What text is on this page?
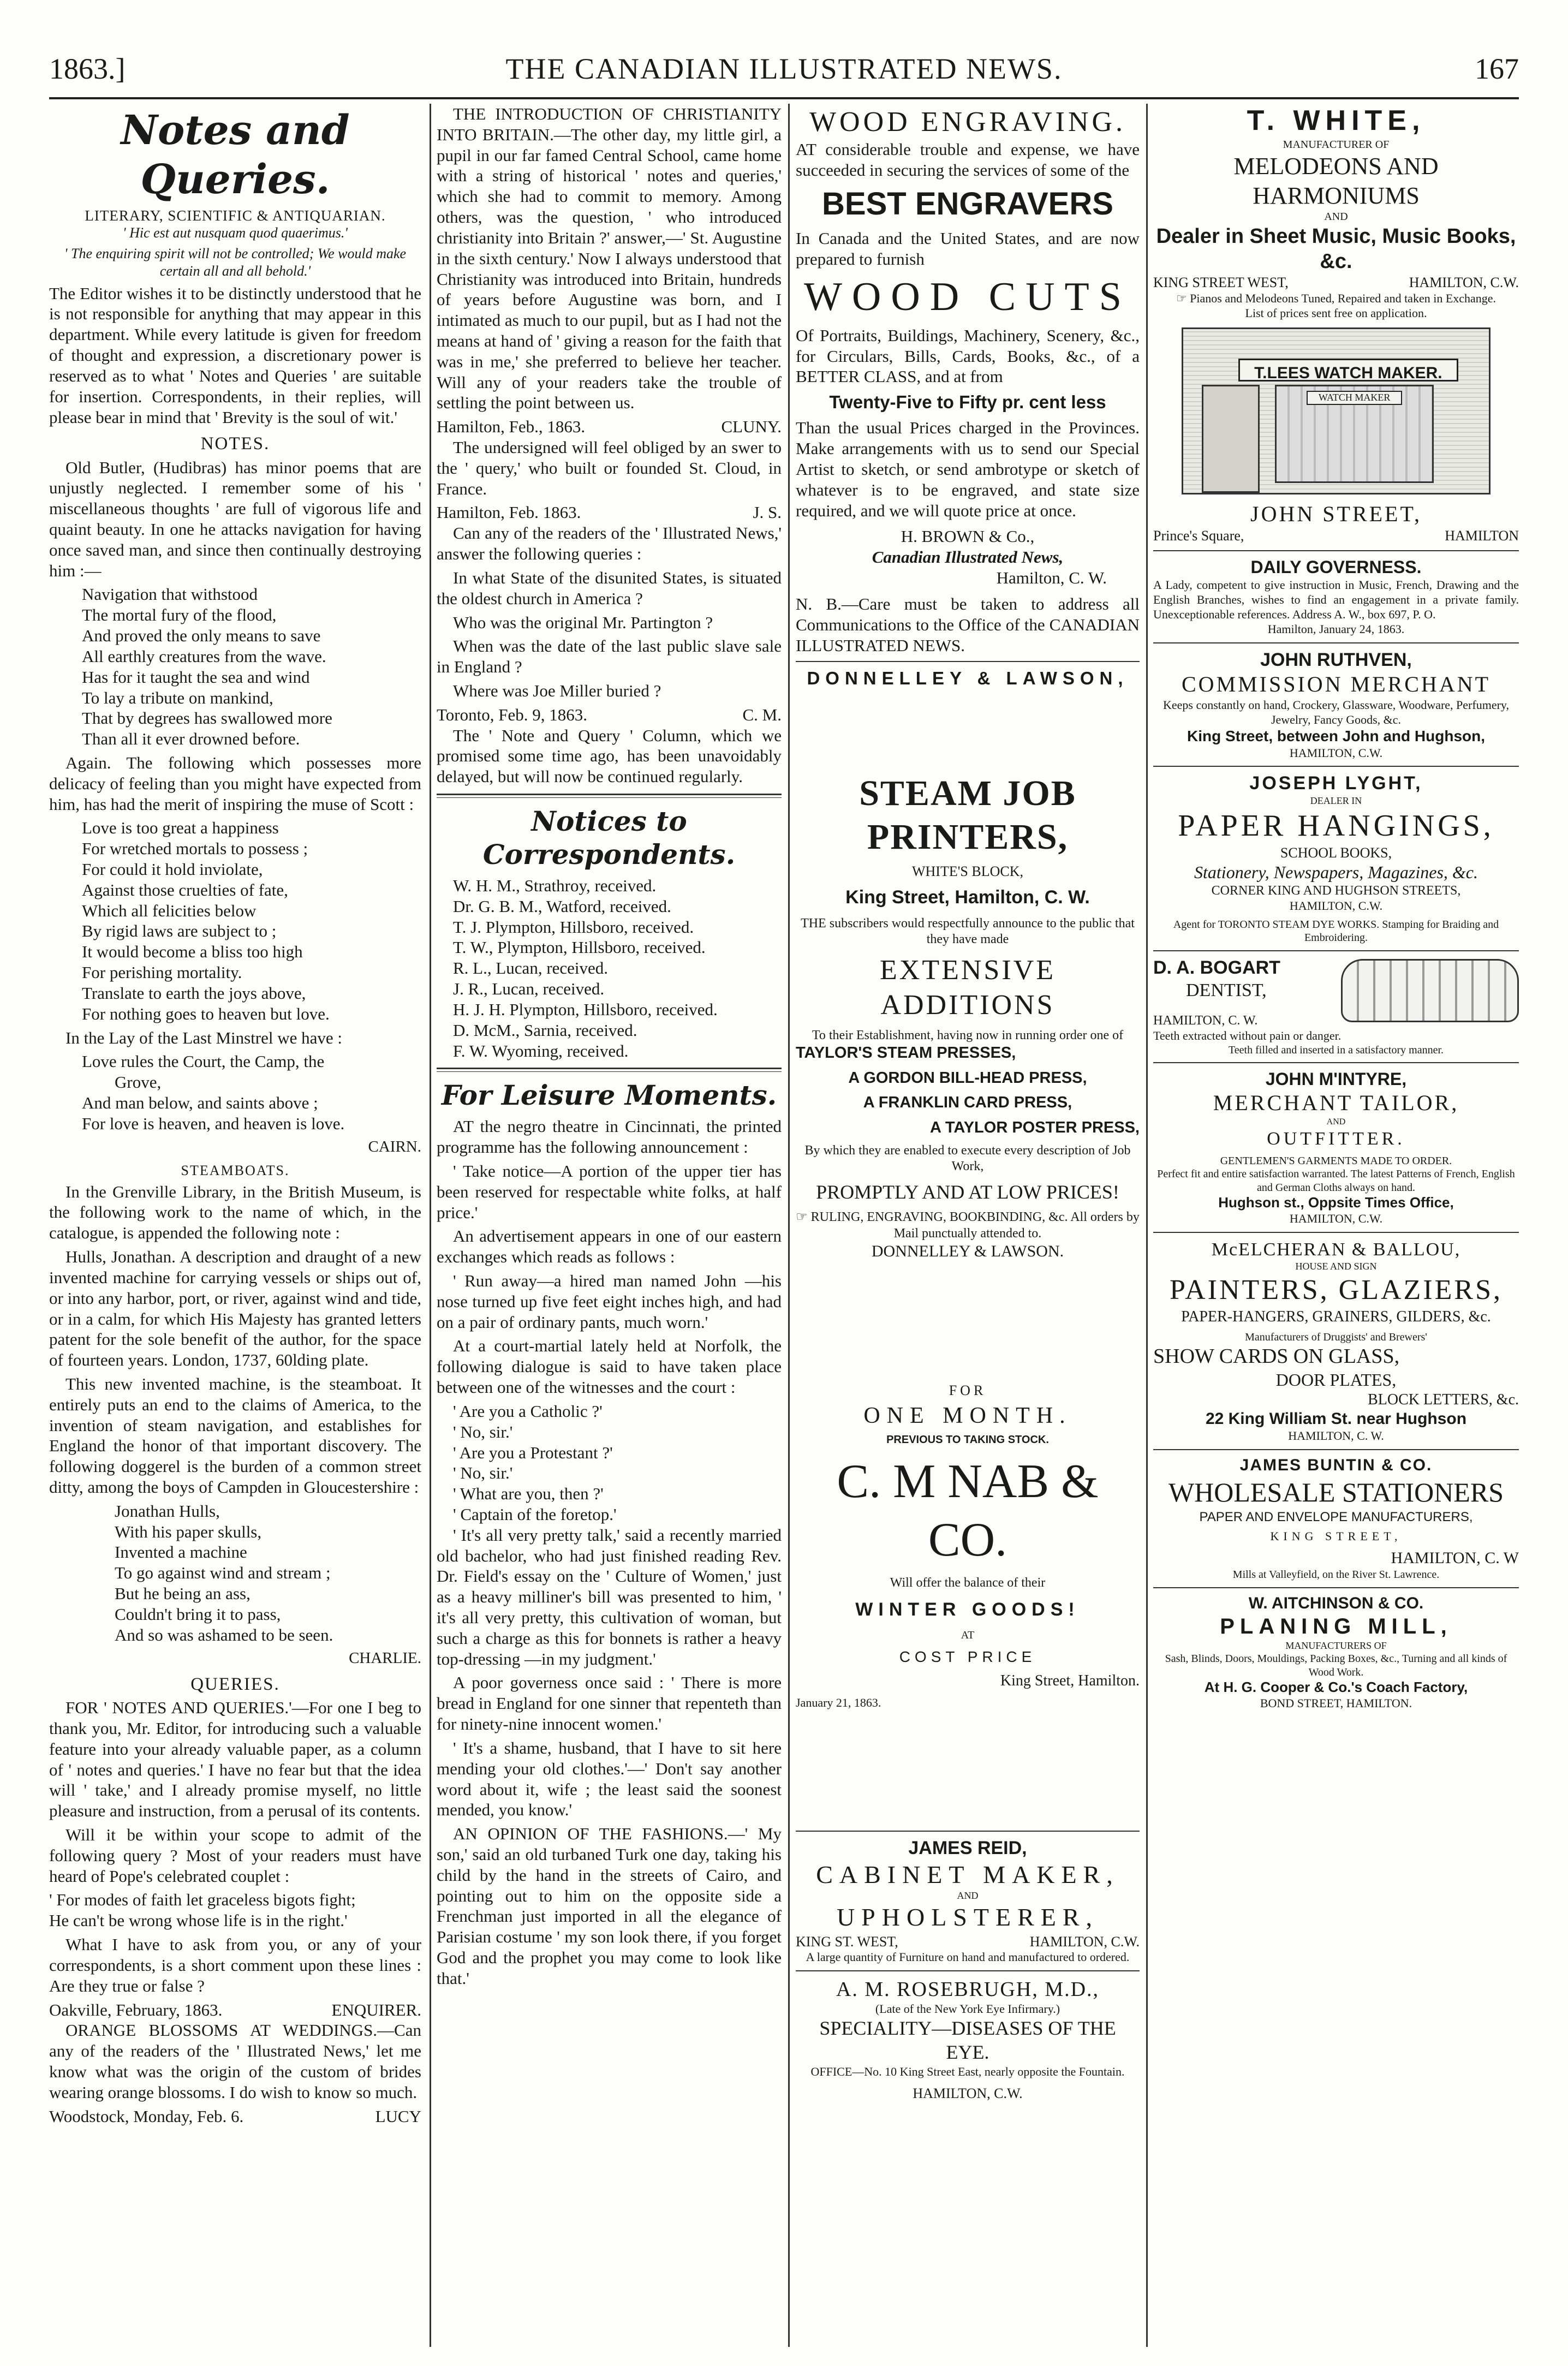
1863.]	THE CANADIAN ILLUSTRATED NEWS.	167
Notes and Queries.
LITERARY, SCIENTIFIC & ANTIQUARIAN.

' Hic est aut nusquam quod quaerimus.'

' The enquiring spirit will not be controlled; We would make certain all and all behold.'

The Editor wishes it to be distinctly understood that he is not responsible for anything that may appear in this department. While every latitude is given for freedom of thought and expression, a discretionary power is reserved as to what ' Notes and Queries ' are suitable for insertion. Correspondents, in their replies, will please bear in mind that ' Brevity is the soul of wit.'

NOTES.

Old Butler, (Hudibras) has minor poems that are unjustly neglected. I remember some of his ' miscellaneous thoughts ' are full of vigorous life and quaint beauty. In one he attacks navigation for having once saved man, and since then continually destroying him :—

Navigation that withstood
The mortal fury of the flood,
And proved the only means to save
All earthly creatures from the wave.
Has for it taught the sea and wind
To lay a tribute on mankind,
That by degrees has swallowed more
Than all it ever drowned before.

Again. The following which possesses more delicacy of feeling than you might have expected from him, has had the merit of inspiring the muse of Scott :

Love is too great a happiness
For wretched mortals to possess ;
For could it hold inviolate,
Against those cruelties of fate,
Which all felicities below
By rigid laws are subject to ;
It would become a bliss too high
For perishing mortality.
Translate to earth the joys above,
For nothing goes to heaven but love.

In the Lay of the Last Minstrel we have :

Love rules the Court, the Camp, the
Grove,
And man below, and saints above ;
For love is heaven, and heaven is love.
CAIRN.
STEAMBOATS.

In the Grenville Library, in the British Museum, is the following work to the name of which, in the catalogue, is appended the following note :

Hulls, Jonathan. A description and draught of a new invented machine for carrying vessels or ships out of, or into any harbor, port, or river, against wind and tide, or in a calm, for which His Majesty has granted letters patent for the sole benefit of the author, for the space of fourteen years. London, 1737, 60lding plate.

This new invented machine, is the steamboat. It entirely puts an end to the claims of America, to the invention of steam navigation, and establishes for England the honor of that important discovery. The following doggerel is the burden of a common street ditty, among the boys of Campden in Gloucestershire :

Jonathan Hulls,
With his paper skulls,
Invented a machine
To go against wind and stream ;
But he being an ass,
Couldn't bring it to pass,
And so was ashamed to be seen.
CHARLIE.
QUERIES.

FOR ' NOTES AND QUERIES.'—For one I beg to thank you, Mr. Editor, for introducing such a valuable feature into your already valuable paper, as a column of ' notes and queries.' I have no fear but that the idea will ' take,' and I already promise myself, no little pleasure and instruction, from a perusal of its contents.

Will it be within your scope to admit of the following query ? Most of your readers must have heard of Pope's celebrated couplet :

' For modes of faith let graceless bigots fight;
He can't be wrong whose life is in the right.'

What I have to ask from you, or any of your correspondents, is a short comment upon these lines : Are they true or false ?

Oakville, February, 1863.	ENQUIRER.

ORANGE BLOSSOMS AT WEDDINGS.—Can any of the readers of the ' Illustrated News,' let me know what was the origin of the custom of brides wearing orange blossoms. I do wish to know so much.

Woodstock, Monday, Feb. 6.	LUCY

THE INTRODUCTION OF CHRISTIANITY INTO BRITAIN.—The other day, my little girl, a pupil in our far famed Central School, came home with a string of historical ' notes and queries,' which she had to commit to memory. Among others, was the question, ' who introduced christianity into Britain ?' answer,—' St. Augustine in the sixth century.' Now I always understood that Christianity was introduced into Britain, hundreds of years before Augustine was born, and I intimated as much to our pupil, but as I had not the means at hand of ' giving a reason for the faith that was in me,' she preferred to believe her teacher. Will any of your readers take the trouble of settling the point between us.

Hamilton, Feb., 1863.	CLUNY.

The undersigned will feel obliged by an swer to the ' query,' who built or founded St. Cloud, in France.

Hamilton, Feb. 1863.	J. S.

Can any of the readers of the ' Illustrated News,' answer the following queries :

In what State of the disunited States, is situated the oldest church in America ?

Who was the original Mr. Partington ?

When was the date of the last public slave sale in England ?

Where was Joe Miller buried ?

Toronto, Feb. 9, 1863.	C. M.

The ' Note and Query ' Column, which we promised some time ago, has been unavoidably delayed, but will now be continued regularly.

Notices to Correspondents.
W. H. M., Strathroy, received.
Dr. G. B. M., Watford, received.
T. J. Plympton, Hillsboro, received.
T. W., Plympton, Hillsboro, received.
R. L., Lucan, received.
J. R., Lucan, received.
H. J. H. Plympton, Hillsboro, received.
D. McM., Sarnia, received.
F. W. Wyoming, received.
For Leisure Moments.

AT the negro theatre in Cincinnati, the printed programme has the following announcement :

' Take notice—A portion of the upper tier has been reserved for respectable white folks, at half price.'

An advertisement appears in one of our eastern exchanges which reads as follows :

' Run away—a hired man named John —his nose turned up five feet eight inches high, and had on a pair of ordinary pants, much worn.'

At a court-martial lately held at Norfolk, the following dialogue is said to have taken place between one of the witnesses and the court :

' Are you a Catholic ?'
' No, sir.'
' Are you a Protestant ?'
' No, sir.'
' What are you, then ?'
' Captain of the foretop.'

' It's all very pretty talk,' said a recently married old bachelor, who had just finished reading Rev. Dr. Field's essay on the ' Culture of Women,' just as a heavy milliner's bill was presented to him, ' it's all very pretty, this cultivation of woman, but such a charge as this for bonnets is rather a heavy top-dressing —in my judgment.'

A poor governess once said : ' There is more bread in England for one sinner that repenteth than for ninety-nine innocent women.'

' It's a shame, husband, that I have to sit here mending your old clothes.'—' Don't say another word about it, wife ; the least said the soonest mended, you know.'

AN OPINION OF THE FASHIONS.—' My son,' said an old turbaned Turk one day, taking his child by the hand in the streets of Cairo, and pointing out to him on the opposite side a Frenchman just imported in all the elegance of Parisian costume ' my son look there, if you forget God and the prophet you may come to look like that.'

WOOD ENGRAVING.

AT considerable trouble and expense, we have succeeded in securing the services of some of the

BEST ENGRAVERS

In Canada and the United States, and are now prepared to furnish

WOOD CUTS

Of Portraits, Buildings, Machinery, Scenery, &c., for Circulars, Bills, Cards, Books, &c., of a BETTER CLASS, and at from

Twenty-Five to Fifty pr. cent less

Than the usual Prices charged in the Provinces. Make arrangements with us to send our Special Artist to sketch, or send ambrotype or sketch of whatever is to be engraved, and state size required, and we will quote price at once.

H. BROWN & Co.,
Canadian Illustrated News,
Hamilton, C. W.

N. B.—Care must be taken to address all Communications to the Office of the CANADIAN ILLUSTRATED NEWS.

DONNELLEY & LAWSON,
STEAM JOB PRINTERS,
WHITE'S BLOCK,
King Street, Hamilton, C. W.
THE subscribers would respectfully announce to the public that they have made
EXTENSIVE ADDITIONS
To their Establishment, having now in running order one of
TAYLOR'S STEAM PRESSES,
A GORDON BILL-HEAD PRESS,
A FRANKLIN CARD PRESS,
A TAYLOR POSTER PRESS,
By which they are enabled to execute every description of Job Work,
PROMPTLY AND AT LOW PRICES!
☞ RULING, ENGRAVING, BOOKBINDING, &c. All orders by Mail punctually attended to.
DONNELLEY & LAWSON.
FOR
ONE MONTH.
PREVIOUS TO TAKING STOCK.
C. M NAB & CO.
Will offer the balance of their
WINTER GOODS!
AT
COST PRICE
King Street, Hamilton.
January 21, 1863.
JAMES REID,
CABINET MAKER,
AND
UPHOLSTERER,
KING ST. WEST,	HAMILTON, C.W.
A large quantity of Furniture on hand and manufactured to ordered.
A. M. ROSEBRUGH, M.D.,
(Late of the New York Eye Infirmary.)
SPECIALITY—DISEASES OF THE EYE.
OFFICE—No. 10 King Street East, nearly opposite the Fountain.
HAMILTON, C.W.
T. WHITE,
MANUFACTURER OF
MELODEONS AND HARMONIUMS
AND
Dealer in Sheet Music, Music Books, &c.
KING STREET WEST,	HAMILTON, C.W.
☞ Pianos and Melodeons Tuned, Repaired and taken in Exchange.
List of prices sent free on application.
T.LEES WATCH MAKER.
WATCH MAKER
JOHN STREET,
Prince's Square,	HAMILTON
DAILY GOVERNESS.
A Lady, competent to give instruction in Music, French, Drawing and the English Branches, wishes to find an engagement in a private family. Unexceptionable references. Address A. W., box 697, P. O.
Hamilton, January 24, 1863.
JOHN RUTHVEN,
COMMISSION MERCHANT
Keeps constantly on hand, Crockery, Glassware, Woodware, Perfumery, Jewelry, Fancy Goods, &c.
King Street, between John and Hughson,
HAMILTON, C.W.
JOSEPH LYGHT,
DEALER IN
PAPER HANGINGS,
SCHOOL BOOKS,
Stationery, Newspapers, Magazines, &c.
CORNER KING AND HUGHSON STREETS,
HAMILTON, C.W.
Agent for TORONTO STEAM DYE WORKS. Stamping for Braiding and Embroidering.
D. A. BOGART
DENTIST,
HAMILTON, C. W.
Teeth extracted without pain or danger.
Teeth filled and inserted in a satisfactory manner.
JOHN M'INTYRE,
MERCHANT TAILOR,
AND
OUTFITTER.
GENTLEMEN'S GARMENTS MADE TO ORDER.
Perfect fit and entire satisfaction warranted. The latest Patterns of French, English and German Cloths always on hand.
Hughson st., Oppsite Times Office,
HAMILTON, C.W.
McELCHERAN & BALLOU,
HOUSE AND SIGN
PAINTERS, GLAZIERS,
PAPER-HANGERS, GRAINERS, GILDERS, &c.
Manufacturers of Druggists' and Brewers'
SHOW CARDS ON GLASS,
DOOR PLATES,
BLOCK LETTERS, &c.
22 King William St. near Hughson
HAMILTON, C. W.
JAMES BUNTIN & CO.
WHOLESALE STATIONERS
PAPER AND ENVELOPE MANUFACTURERS,
KING STREET,
HAMILTON, C. W
Mills at Valleyfield, on the River St. Lawrence.
W. AITCHINSON & CO.
PLANING MILL,
MANUFACTURERS OF
Sash, Blinds, Doors, Mouldings, Packing Boxes, &c., Turning and all kinds of Wood Work.
At H. G. Cooper & Co.'s Coach Factory,
BOND STREET, HAMILTON.
